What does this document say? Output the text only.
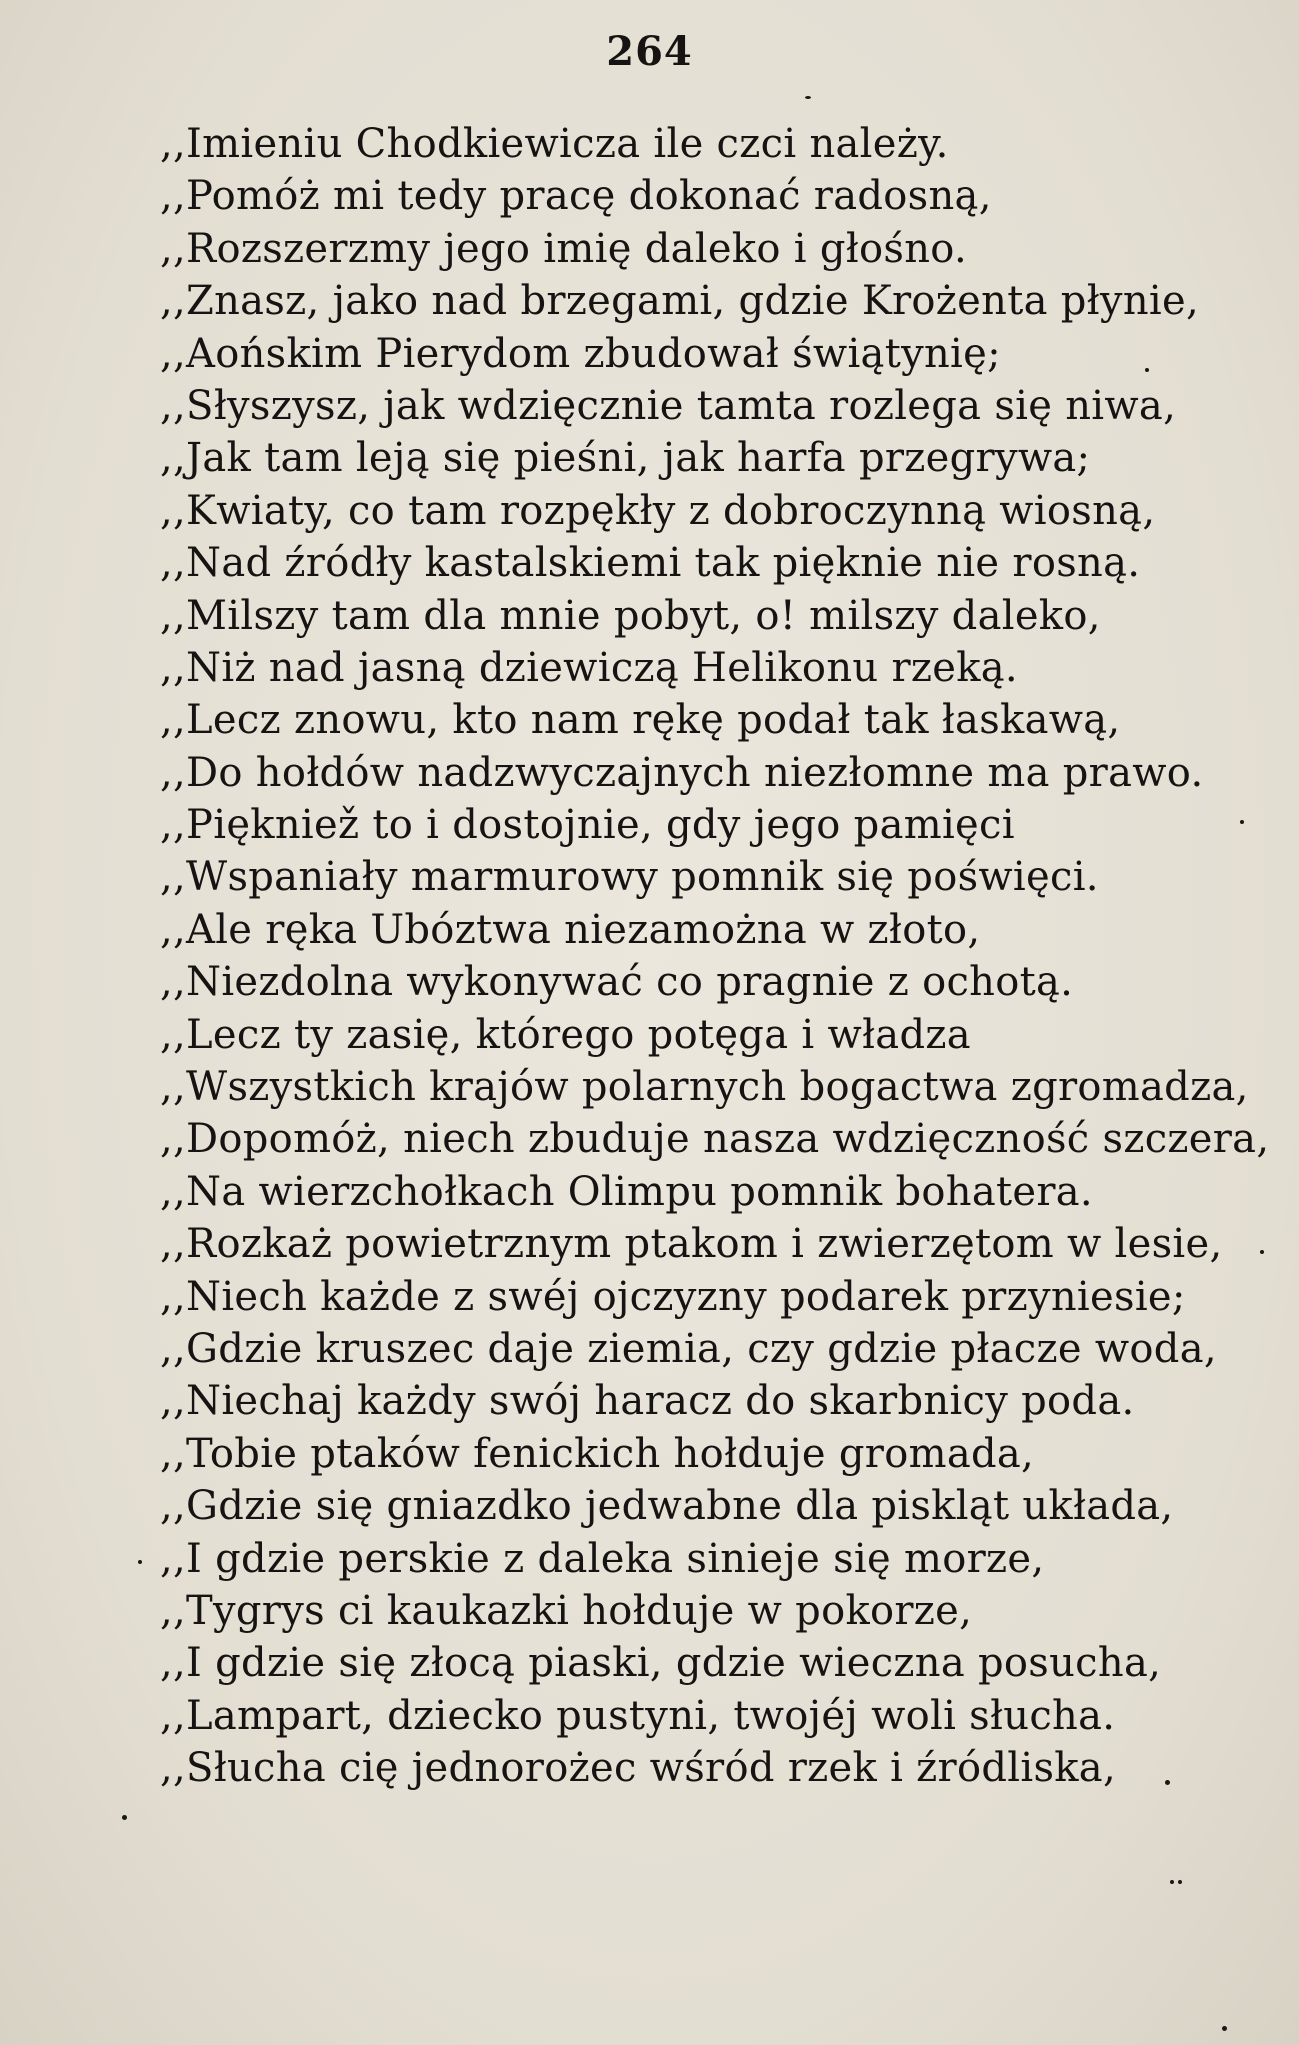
264
,,Imieniu Chodkiewicza ile czci należy.
,,Pomóż mi tedy pracę dokonać radosną,
,,Rozszerzmy jego imię daleko i głośno.
,,Znasz, jako nad brzegami, gdzie Krożenta płynie,
,,Aońskim Pierydom zbudował świątynię;
,,Słyszysz, jak wdzięcznie tamta rozlega się niwa,
,,Jak tam leją się pieśni, jak harfa przegrywa;
,,Kwiaty, co tam rozpękły z dobroczynną wiosną,
,,Nad źródły kastalskiemi tak pięknie nie rosną.
,,Milszy tam dla mnie pobyt, o! milszy daleko,
,,Niż nad jasną dziewiczą Helikonu rzeką.
,,Lecz znowu, kto nam rękę podał tak łaskawą,
,,Do hołdów nadzwyczajnych niezłomne ma prawo.
,,Piękniež to i dostojnie, gdy jego pamięci
,,Wspaniały marmurowy pomnik się poświęci.
,,Ale ręka Ubóztwa niezamożna w złoto,
,,Niezdolna wykonywać co pragnie z ochotą.
,,Lecz ty zasię, którego potęga i władza
,,Wszystkich krajów polarnych bogactwa zgromadza,
,,Dopomóż, niech zbuduje nasza wdzięczność szczera,
,,Na wierzchołkach Olimpu pomnik bohatera.
,,Rozkaż powietrznym ptakom i zwierzętom w lesie,
,,Niech każde z swéj ojczyzny podarek przyniesie;
,,Gdzie kruszec daje ziemia, czy gdzie płacze woda,
,,Niechaj każdy swój haracz do skarbnicy poda.
,,Tobie ptaków fenickich hołduje gromada,
,,Gdzie się gniazdko jedwabne dla piskląt układa,
,,I gdzie perskie z daleka sinieje się morze,
,,Tygrys ci kaukazki hołduje w pokorze,
,,I gdzie się złocą piaski, gdzie wieczna posucha,
,,Lampart, dziecko pustyni, twojéj woli słucha.
,,Słucha cię jednorożec wśród rzek i źródliska,
